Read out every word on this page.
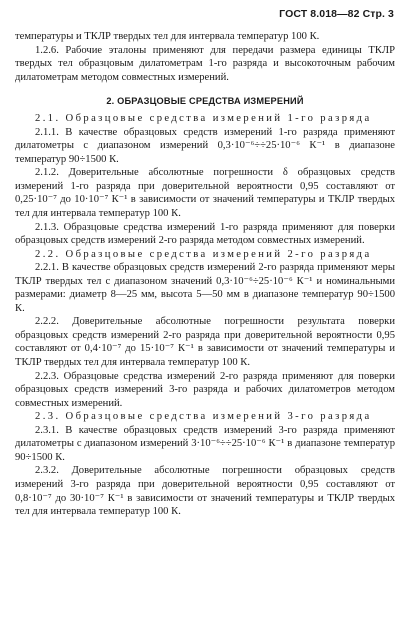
ГОСТ 8.018—82 Стр. 3

температуры и ТКЛР твердых тел для интервала температур 100 К.

1.2.6. Рабочие эталоны применяют для передачи размера единицы ТКЛР твердых тел образцовым дилатометрам 1-го разряда и высокоточным рабочим дилатометрам методом совместных измерений.

2. ОБРАЗЦОВЫЕ СРЕДСТВА ИЗМЕРЕНИЙ

2.1. Образцовые средства измерений 1-го разряда

2.1.1. В качестве образцовых средств измерений 1-го разряда применяют дилатометры с диапазоном измерений 0,3·10⁻⁶÷÷25·10⁻⁶ К⁻¹ в диапазоне температур 90÷1500 К.

2.1.2. Доверительные абсолютные погрешности δ образцовых средств измерений 1-го разряда при доверительной вероятности 0,95 составляют от 0,25·10⁻⁷ до 10·10⁻⁷ К⁻¹ в зависимости от значений температуры и ТКЛР твердых тел для интервала температур 100 К.

2.1.3. Образцовые средства измерений 1-го разряда применяют для поверки образцовых средств измерений 2-го разряда методом совместных измерений.

2.2. Образцовые средства измерений 2-го разряда

2.2.1. В качестве образцовых средств измерений 2-го разряда применяют меры ТКЛР твердых тел с диапазоном значений 0,3·10⁻⁶÷25·10⁻⁶ К⁻¹ и номинальными размерами: диаметр 8—25 мм, высота 5—50 мм в диапазоне температур 90÷1500 К.

2.2.2. Доверительные абсолютные погрешности результата поверки образцовых средств измерений 2-го разряда при доверительной вероятности 0,95 составляют от 0,4·10⁻⁷ до 15·10⁻⁷ К⁻¹ в зависимости от значений температуры и ТКЛР твердых тел для интервала температур 100 К.

2.2.3. Образцовые средства измерений 2-го разряда применяют для поверки образцовых средств измерений 3-го разряда и рабочих дилатометров методом совместных измерений.

2.3. Образцовые средства измерений 3-го разряда

2.3.1. В качестве образцовых средств измерений 3-го разряда применяют дилатометры с диапазоном измерений 3·10⁻⁶÷÷25·10⁻⁶ К⁻¹ в диапазоне температур 90÷1500 К.

2.3.2. Доверительные абсолютные погрешности образцовых средств измерений 3-го разряда при доверительной вероятности 0,95 составляют от 0,8·10⁻⁷ до 30·10⁻⁷ К⁻¹ в зависимости от значений температуры и ТКЛР твердых тел для интервала температур 100 К.
